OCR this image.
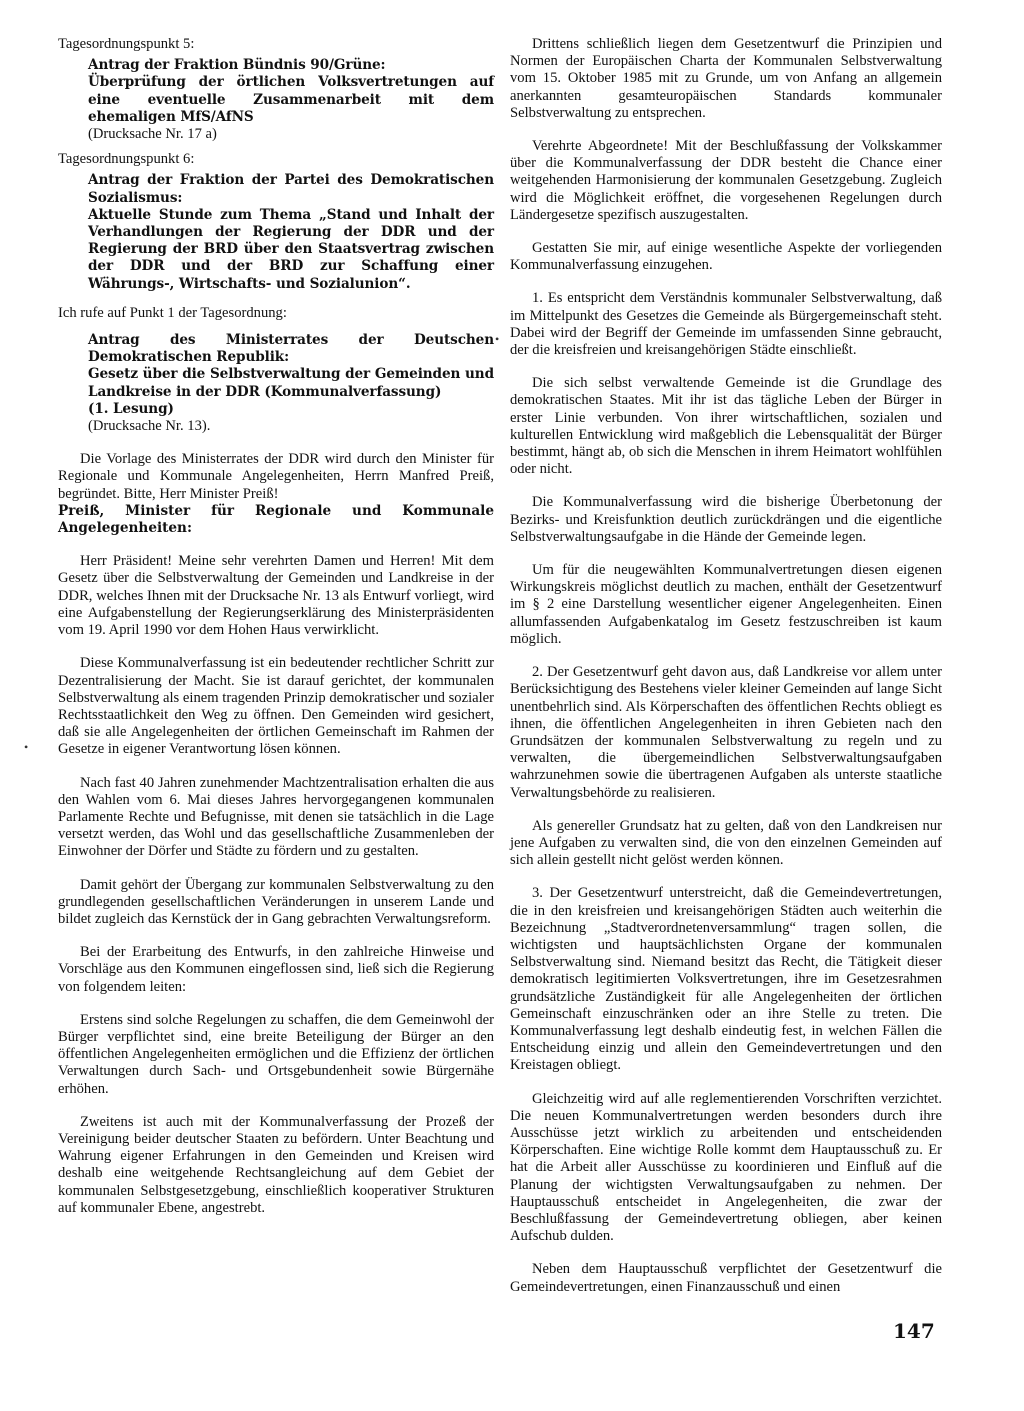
Tagesordnungspunkt 5:

Antrag der Fraktion Bündnis 90/Grüne:

Überprüfung der örtlichen Volksvertretungen auf eine eventuelle Zusammenarbeit mit dem ehemaligen MfS/AfNS

(Drucksache Nr. 17 a)

Tagesordnungspunkt 6:

Antrag der Fraktion der Partei des Demokratischen Sozialismus:

Aktuelle Stunde zum Thema „Stand und Inhalt der Verhandlungen der Regierung der DDR und der Regierung der BRD über den Staatsvertrag zwischen der DDR und der BRD zur Schaffung einer Währungs-, Wirtschafts- und Sozialunion“.

Ich rufe auf Punkt 1 der Tagesordnung:

Antrag des Ministerrates der Deutschen Demokratischen Republik:

Gesetz über die Selbstverwaltung der Gemeinden und Landkreise in der DDR (Kommunalverfassung)

(1. Lesung)

(Drucksache Nr. 13).

Die Vorlage des Ministerrates der DDR wird durch den Minister für Regionale und Kommunale Angelegenheiten, Herrn Manfred Preiß, begründet. Bitte, Herr Minister Preiß!

Preiß, Minister für Regionale und Kommunale Angelegenheiten:

Herr Präsident! Meine sehr verehrten Damen und Herren! Mit dem Gesetz über die Selbstverwaltung der Gemeinden und Landkreise in der DDR, welches Ihnen mit der Drucksache Nr. 13 als Entwurf vorliegt, wird eine Aufgabenstellung der Regierungserklärung des Ministerpräsidenten vom 19. April 1990 vor dem Hohen Haus verwirklicht.

Diese Kommunalverfassung ist ein bedeutender rechtlicher Schritt zur Dezentralisierung der Macht. Sie ist darauf gerichtet, der kommunalen Selbstverwaltung als einem tragenden Prinzip demokratischer und sozialer Rechtsstaatlichkeit den Weg zu öffnen. Den Gemeinden wird gesichert, daß sie alle Angelegenheiten der örtlichen Gemeinschaft im Rahmen der Gesetze in eigener Verantwortung lösen können.

Nach fast 40 Jahren zunehmender Machtzentralisation erhalten die aus den Wahlen vom 6. Mai dieses Jahres hervorgegangenen kommunalen Parlamente Rechte und Befugnisse, mit denen sie tatsächlich in die Lage versetzt werden, das Wohl und das gesellschaftliche Zusammenleben der Einwohner der Dörfer und Städte zu fördern und zu gestalten.

Damit gehört der Übergang zur kommunalen Selbstverwaltung zu den grundlegenden gesellschaftlichen Veränderungen in unserem Lande und bildet zugleich das Kernstück der in Gang gebrachten Verwaltungsreform.

Bei der Erarbeitung des Entwurfs, in den zahlreiche Hinweise und Vorschläge aus den Kommunen eingeflossen sind, ließ sich die Regierung von folgendem leiten:

Erstens sind solche Regelungen zu schaffen, die dem Gemeinwohl der Bürger verpflichtet sind, eine breite Beteiligung der Bürger an den öffentlichen Angelegenheiten ermöglichen und die Effizienz der örtlichen Verwaltungen durch Sach- und Ortsgebundenheit sowie Bürgernähe erhöhen.

Zweitens ist auch mit der Kommunalverfassung der Prozeß der Vereinigung beider deutscher Staaten zu befördern. Unter Beachtung und Wahrung eigener Erfahrungen in den Gemeinden und Kreisen wird deshalb eine weitgehende Rechtsangleichung auf dem Gebiet der kommunalen Selbstgesetzgebung, einschließlich kooperativer Strukturen auf kommunaler Ebene, angestrebt.

Drittens schließlich liegen dem Gesetzentwurf die Prinzipien und Normen der Europäischen Charta der Kommunalen Selbstverwaltung vom 15. Oktober 1985 mit zu Grunde, um von Anfang an allgemein anerkannten gesamteuropäischen Standards kommunaler Selbstverwaltung zu entsprechen.

Verehrte Abgeordnete! Mit der Beschlußfassung der Volkskammer über die Kommunalverfassung der DDR besteht die Chance einer weitgehenden Harmonisierung der kommunalen Gesetzgebung. Zugleich wird die Möglichkeit eröffnet, die vorgesehenen Regelungen durch Ländergesetze spezifisch auszugestalten.

Gestatten Sie mir, auf einige wesentliche Aspekte der vorliegenden Kommunalverfassung einzugehen.

1. Es entspricht dem Verständnis kommunaler Selbstverwaltung, daß im Mittelpunkt des Gesetzes die Gemeinde als Bürgergemeinschaft steht. Dabei wird der Begriff der Gemeinde im umfassenden Sinne gebraucht, der die kreisfreien und kreisangehörigen Städte einschließt.

Die sich selbst verwaltende Gemeinde ist die Grundlage des demokratischen Staates. Mit ihr ist das tägliche Leben der Bürger in erster Linie verbunden. Von ihrer wirtschaftlichen, sozialen und kulturellen Entwicklung wird maßgeblich die Lebensqualität der Bürger bestimmt, hängt ab, ob sich die Menschen in ihrem Heimatort wohlfühlen oder nicht.

Die Kommunalverfassung wird die bisherige Überbetonung der Bezirks- und Kreisfunktion deutlich zurückdrängen und die eigentliche Selbstverwaltungsaufgabe in die Hände der Gemeinde legen.

Um für die neugewählten Kommunalvertretungen diesen eigenen Wirkungskreis möglichst deutlich zu machen, enthält der Gesetzentwurf im § 2 eine Darstellung wesentlicher eigener Angelegenheiten. Einen allumfassenden Aufgabenkatalog im Gesetz festzuschreiben ist kaum möglich.

2. Der Gesetzentwurf geht davon aus, daß Landkreise vor allem unter Berücksichtigung des Bestehens vieler kleiner Gemeinden auf lange Sicht unentbehrlich sind. Als Körperschaften des öffentlichen Rechts obliegt es ihnen, die öffentlichen Angelegenheiten in ihren Gebieten nach den Grundsätzen der kommunalen Selbstverwaltung zu regeln und zu verwalten, die übergemeindlichen Selbstverwaltungsaufgaben wahrzunehmen sowie die übertragenen Aufgaben als unterste staatliche Verwaltungsbehörde zu realisieren.

Als genereller Grundsatz hat zu gelten, daß von den Landkreisen nur jene Aufgaben zu verwalten sind, die von den einzelnen Gemeinden auf sich allein gestellt nicht gelöst werden können.

3. Der Gesetzentwurf unterstreicht, daß die Gemeindevertretungen, die in den kreisfreien und kreisangehörigen Städten auch weiterhin die Bezeichnung „Stadtverordnetenversammlung“ tragen sollen, die wichtigsten und hauptsächlichsten Organe der kommunalen Selbstverwaltung sind. Niemand besitzt das Recht, die Tätigkeit dieser demokratisch legitimierten Volksvertretungen, ihre im Gesetzesrahmen grundsätzliche Zuständigkeit für alle Angelegenheiten der örtlichen Gemeinschaft einzuschränken oder an ihre Stelle zu treten. Die Kommunalverfassung legt deshalb eindeutig fest, in welchen Fällen die Entscheidung einzig und allein den Gemeindevertretungen und den Kreistagen obliegt.

Gleichzeitig wird auf alle reglementierenden Vorschriften verzichtet. Die neuen Kommunalvertretungen werden besonders durch ihre Ausschüsse jetzt wirklich zu arbeitenden und entscheidenden Körperschaften. Eine wichtige Rolle kommt dem Hauptausschuß zu. Er hat die Arbeit aller Ausschüsse zu koordinieren und Einfluß auf die Planung der wichtigsten Verwaltungsaufgaben zu nehmen. Der Hauptausschuß entscheidet in Angelegenheiten, die zwar der Beschlußfassung der Gemeindevertretung obliegen, aber keinen Aufschub dulden.

Neben dem Hauptausschuß verpflichtet der Gesetzentwurf die Gemeindevertretungen, einen Finanzausschuß und einen

147
•
•
